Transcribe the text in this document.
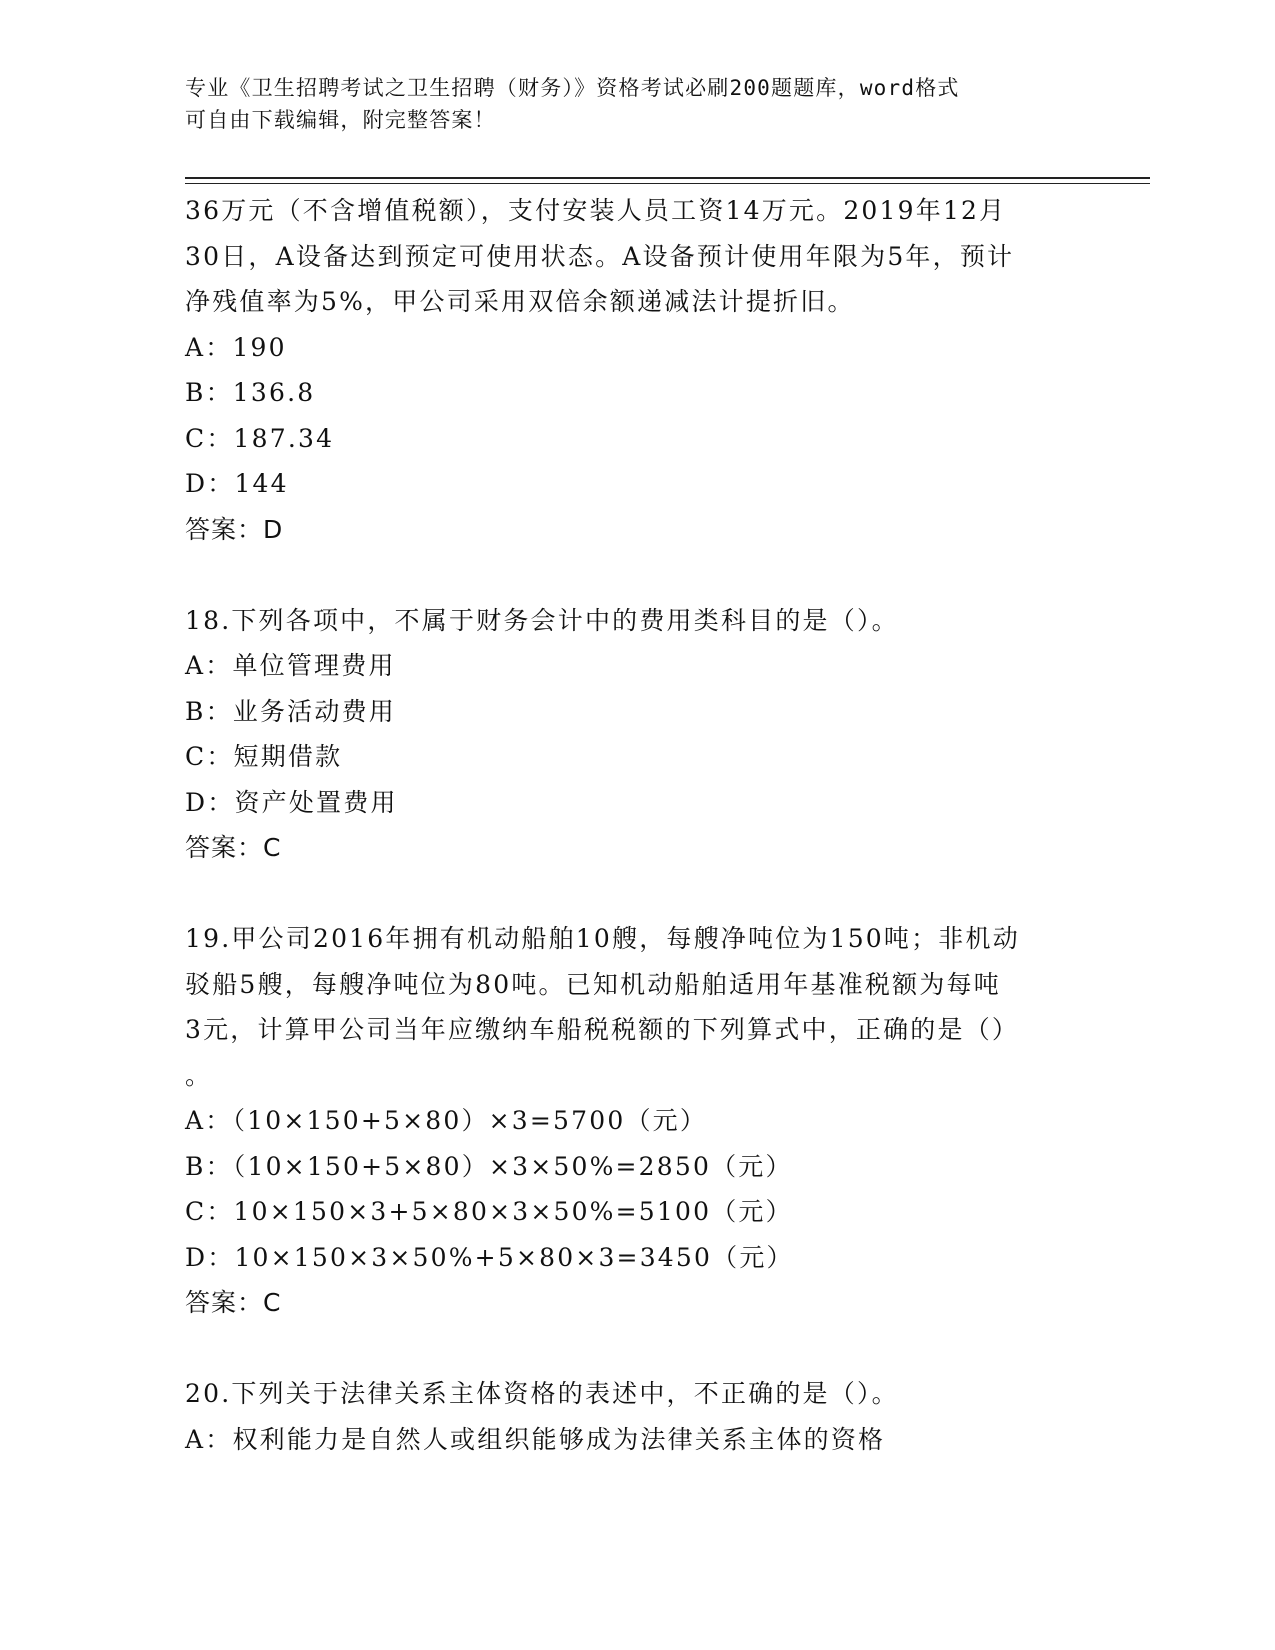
专业《卫生招聘考试之卫生招聘（财务）》资格考试必刷200题题库，word格式
可自由下载编辑，附完整答案！
36万元（不含增值税额），支付安装人员工资14万元。2019年12月
30日，A设备达到预定可使用状态。A设备预计使用年限为5年，预计
净残值率为5%，甲公司采用双倍余额递减法计提折旧。
A：190
B：136.8
C：187.34
D：144
答案：D
18.下列各项中，不属于财务会计中的费用类科目的是（）。
A：单位管理费用
B：业务活动费用
C：短期借款
D：资产处置费用
答案：C
19.甲公司2016年拥有机动船舶10艘，每艘净吨位为150吨；非机动
驳船5艘，每艘净吨位为80吨。已知机动船舶适用年基准税额为每吨
3元，计算甲公司当年应缴纳车船税税额的下列算式中，正确的是（）
。
A：（10×150+5×80）×3=5700（元）
B：（10×150+5×80）×3×50%=2850（元）
C：10×150×3+5×80×3×50%=5100（元）
D：10×150×3×50%+5×80×3=3450（元）
答案：C
20.下列关于法律关系主体资格的表述中，不正确的是（）。
A：权利能力是自然人或组织能够成为法律关系主体的资格
